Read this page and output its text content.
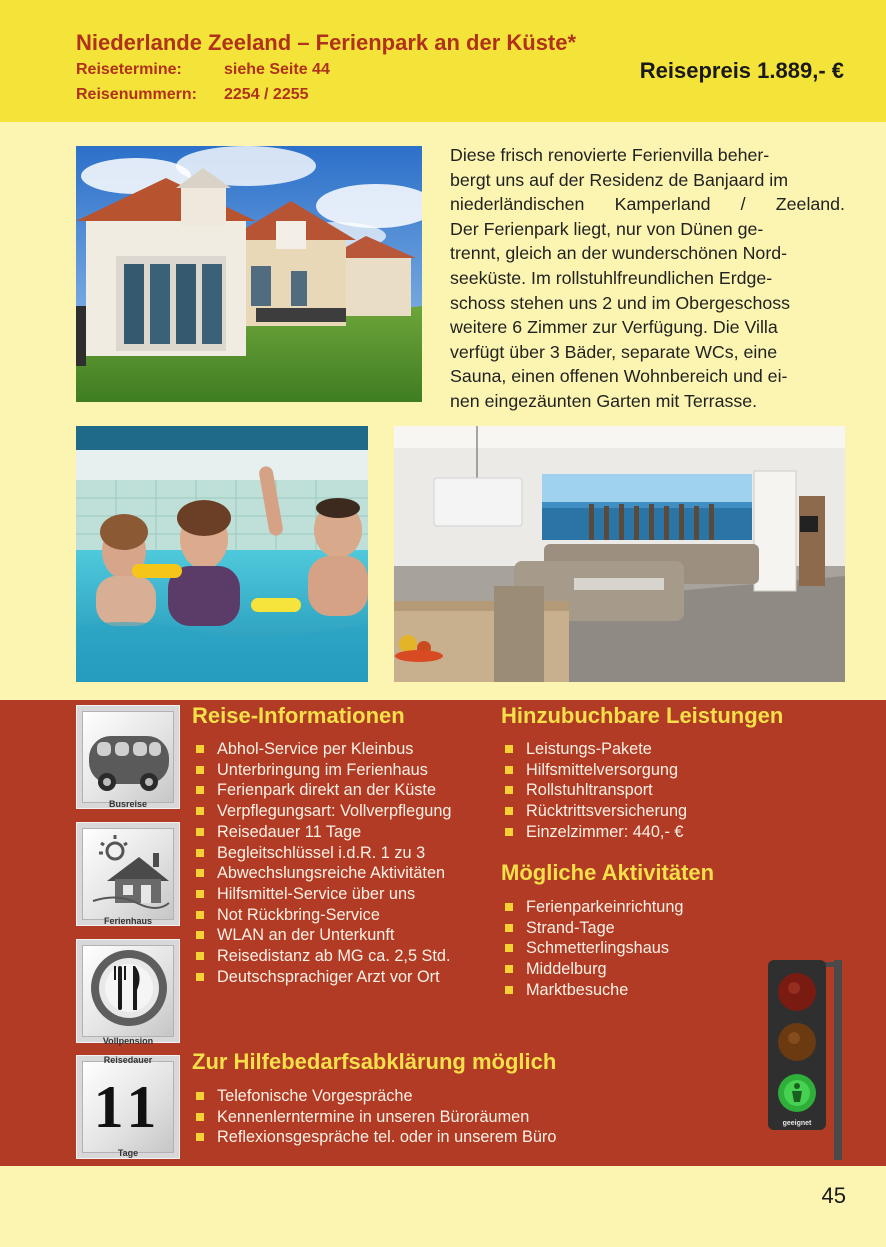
Niederlande Zeeland – Ferienpark an der Küste*
Reisetermine:	siehe Seite 44
Reisenummern: 2254 / 2255
Reisepreis 1.889,- €
Diese frisch renovierte Ferienvilla beher-
bergt uns auf der Residenz de Banjaard im
niederländischen Kamperland / Zeeland.
Der Ferienpark liegt, nur von Dünen ge-
trennt, gleich an der wunderschönen Nord-
seeküste. Im rollstuhlfreundlichen Erdge-
schoss stehen uns 2 und im Obergeschoss
weitere 6 Zimmer zur Verfügung. Die Villa
verfügt über 3 Bäder, separate WCs, eine
Sauna, einen offenen Wohnbereich und ei-
nen eingezäunten Garten mit Terrasse.
Busreise
Ferienhaus
Vollpension
Reisedauer
11
Tage
Reise-Informationen
Abhol-Service per Kleinbus
Unterbringung im Ferienhaus
Ferienpark direkt an der Küste
Verpflegungsart: Vollverpflegung
Reisedauer 11 Tage
Begleitschlüssel i.d.R. 1 zu 3
Abwechslungsreiche Aktivitäten
Hilfsmittel-Service über uns
Not Rückbring-Service
WLAN an der Unterkunft
Reisedistanz ab MG ca. 2,5 Std.
Deutschsprachiger Arzt vor Ort
Hinzubuchbare Leistungen
Leistungs-Pakete
Hilfsmittelversorgung
Rollstuhltransport
Rücktrittsversicherung
Einzelzimmer: 440,- €
Mögliche Aktivitäten
Ferienparkeinrichtung
Strand-Tage
Schmetterlingshaus
Middelburg
Marktbesuche
Zur Hilfebedarfsabklärung möglich
Telefonische Vorgespräche
Kennenlerntermine in unseren Büroräumen
Reflexionsgespräche tel. oder in unserem Büro
geeignet
45
